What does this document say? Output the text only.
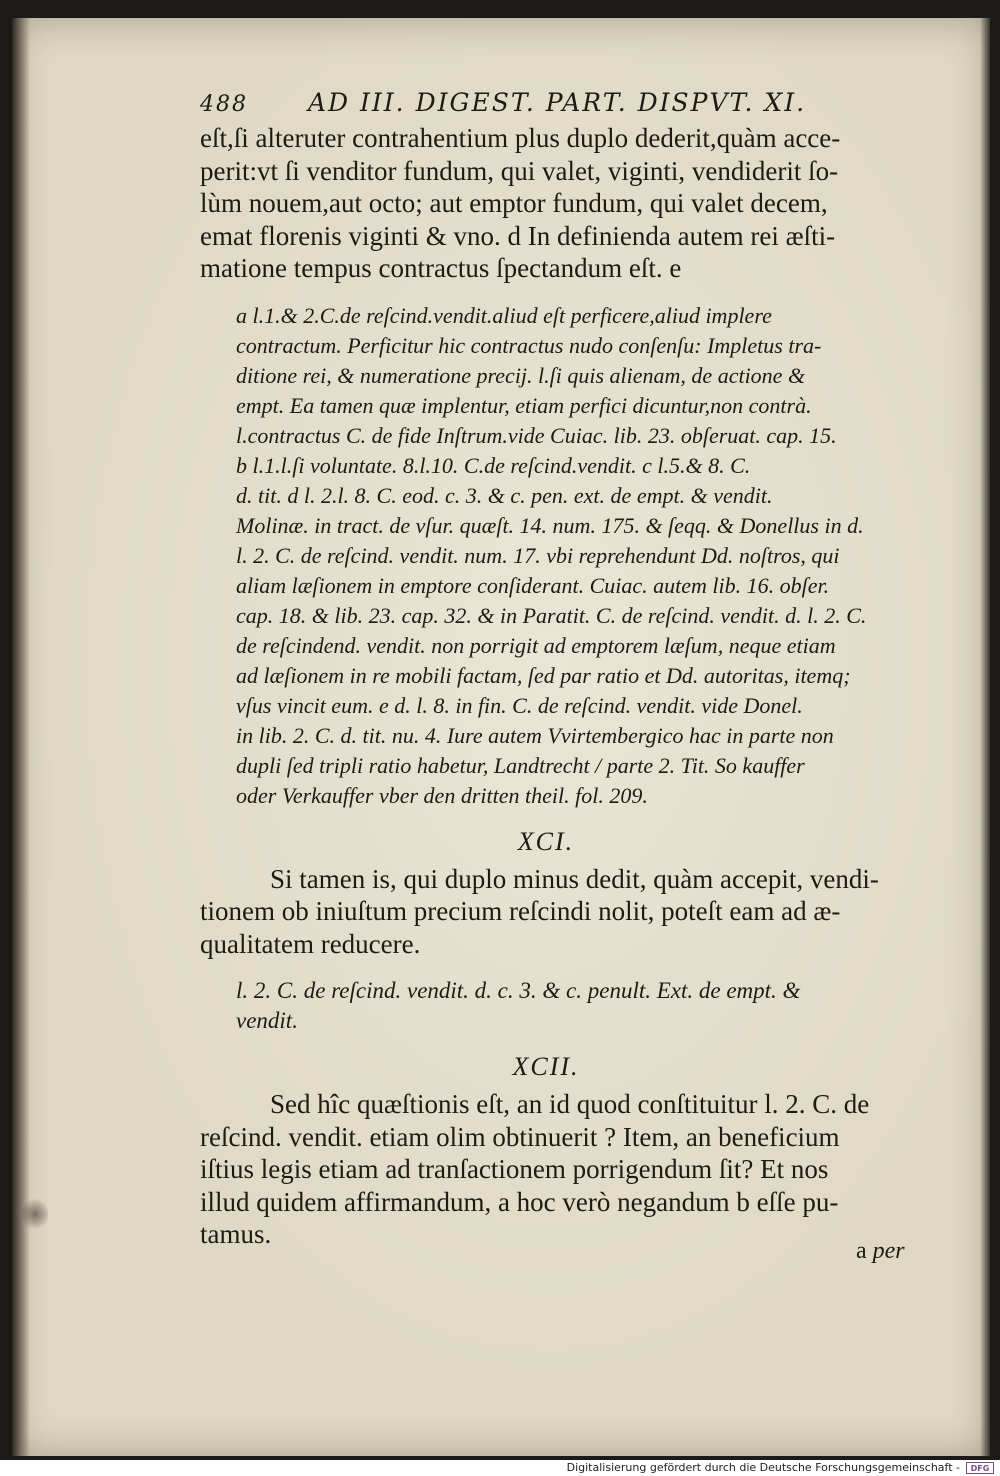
488 AD III. DIGEST. PART. DISPVT. XI.
eſt,ſi alteruter contrahentium plus duplo dederit,quàm acce-
perit:vt ſi venditor fundum, qui valet, viginti, vendiderit ſo-
lùm nouem,aut octo; aut emptor fundum, qui valet decem,
emat florenis viginti & vno. d In definienda autem rei æſti-
matione tempus contractus ſpectandum eſt. e
a l.1.& 2.C.de reſcind.vendit.aliud eſt perficere,aliud implere
contractum. Perficitur hic contractus nudo conſenſu: Impletus tra-
ditione rei, & numeratione precij. l.ſi quis alienam, de actione &
empt. Ea tamen quæ implentur, etiam perfici dicuntur,non contrà.
l.contractus C. de fide Inſtrum.vide Cuiac. lib. 23. obſeruat. cap. 15.
b l.1.l.ſi voluntate. 8.l.10. C.de reſcind.vendit. c l.5.& 8. C.
d. tit. d l. 2.l. 8. C. eod. c. 3. & c. pen. ext. de empt. & vendit.
Molinæ. in tract. de vſur. quæſt. 14. num. 175. & ſeqq. & Donellus in d.
l. 2. C. de reſcind. vendit. num. 17. vbi reprehendunt Dd. noſtros, qui
aliam læſionem in emptore conſiderant. Cuiac. autem lib. 16. obſer.
cap. 18. & lib. 23. cap. 32. & in Paratit. C. de reſcind. vendit. d. l. 2. C.
de reſcindend. vendit. non porrigit ad emptorem læſum, neque etiam
ad læſionem in re mobili factam, ſed par ratio et Dd. autoritas, itemq;
vſus vincit eum. e d. l. 8. in fin. C. de reſcind. vendit. vide Donel.
in lib. 2. C. d. tit. nu. 4. Iure autem Vvirtembergico hac in parte non
dupli ſed tripli ratio habetur, Landtrecht / parte 2. Tit. So kauffer
oder Verkauffer vber den dritten theil. fol. 209.
XCI.
Si tamen is, qui duplo minus dedit, quàm accepit, vendi-
tionem ob iniuſtum precium reſcindi nolit, poteſt eam ad æ-
qualitatem reducere.
l. 2. C. de reſcind. vendit. d. c. 3. & c. penult. Ext. de empt. &
vendit.
XCII.
Sed hîc quæſtionis eſt, an id quod conſtituitur l. 2. C. de
reſcind. vendit. etiam olim obtinuerit ? Item, an beneficium
iſtius legis etiam ad tranſactionem porrigendum ſit? Et nos
illud quidem affirmandum, a hoc verò negandum b eſſe pu-
tamus.
a per
Digitalisierung gefördert durch die Deutsche Forschungsgemeinschaft -	DFG
